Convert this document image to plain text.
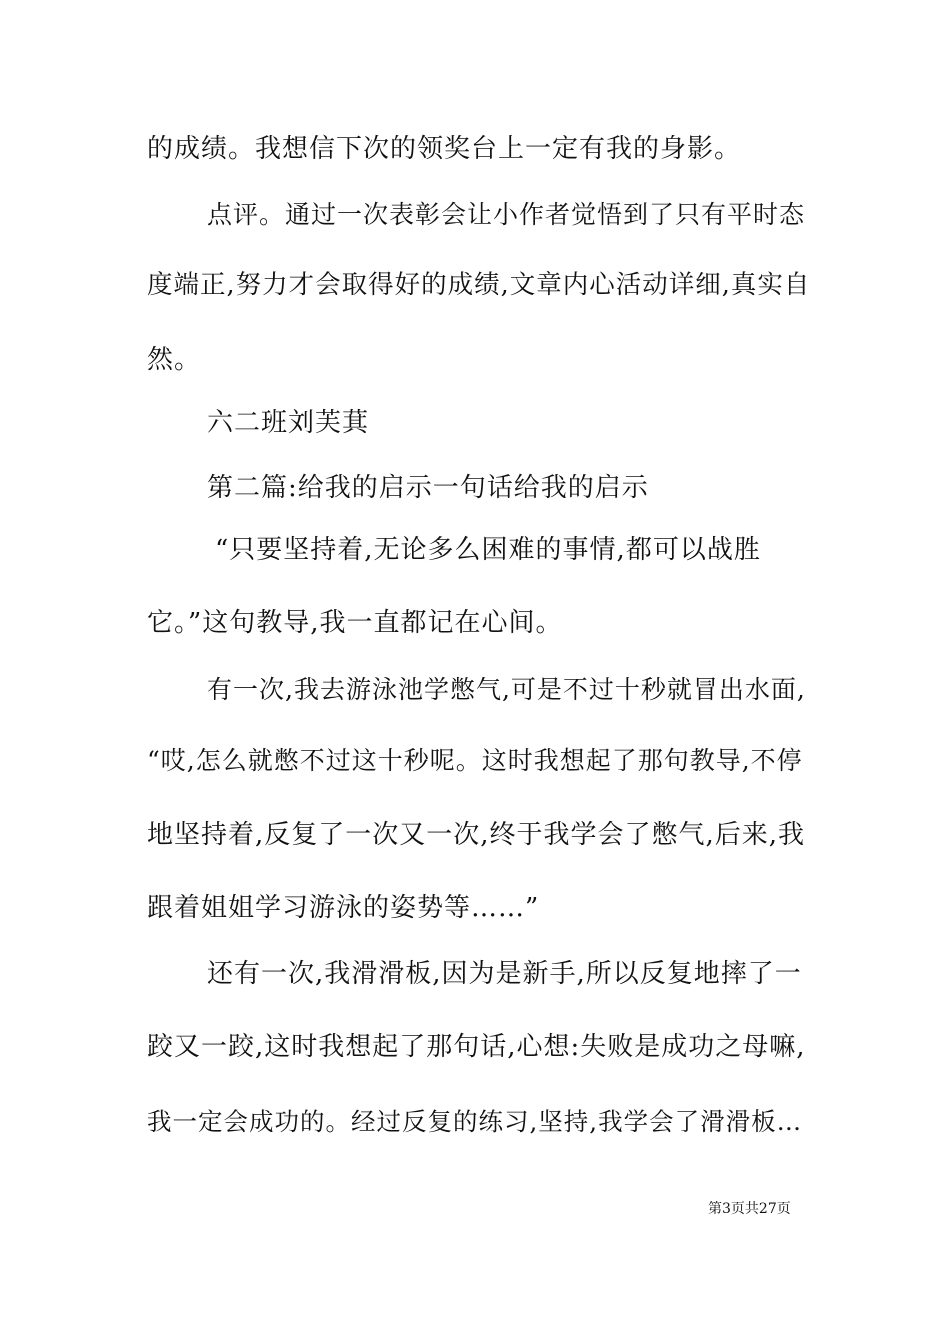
的成绩。我想信下次的领奖台上一定有我的身影。
点评。通过一次表彰会让小作者觉悟到了只有平时态
度端正,努力才会取得好的成绩,文章内心活动详细,真实自
然。
六二班刘芙萁
第二篇:给我的启示一句话给我的启示
“只要坚持着,无论多么困难的事情,都可以战胜
它。”这句教导,我一直都记在心间。
有一次,我去游泳池学憋气,可是不过十秒就冒出水面,
“哎,怎么就憋不过这十秒呢。这时我想起了那句教导,不停
地坚持着,反复了一次又一次,终于我学会了憋气,后来,我
跟着姐姐学习游泳的姿势等……”
还有一次,我滑滑板,因为是新手,所以反复地摔了一
跤又一跤,这时我想起了那句话,心想:失败是成功之母嘛,
我一定会成功的。经过反复的练习,坚持,我学会了滑滑板…
第3页共27页
